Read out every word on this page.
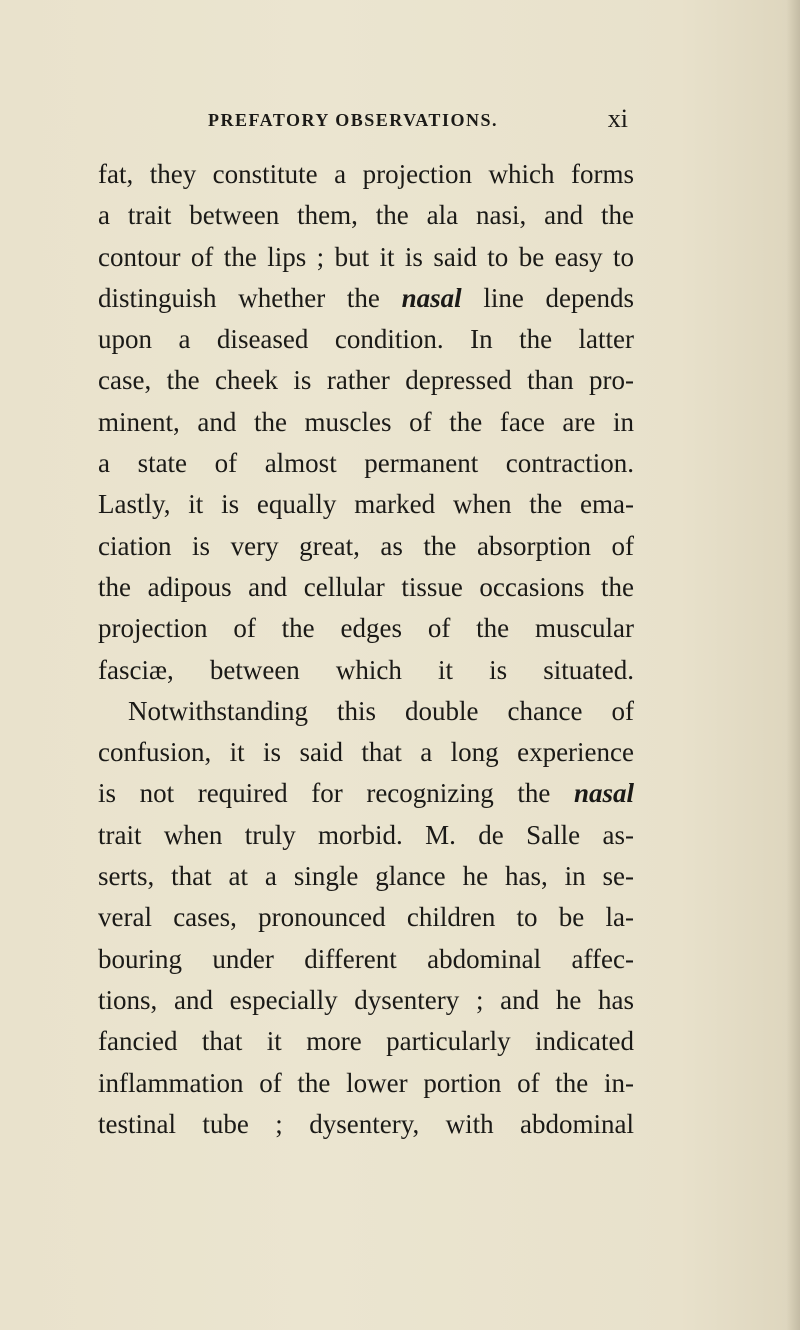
PREFATORY OBSERVATIONS.	xi
fat, they constitute a projection which forms
a trait between them, the ala nasi, and the
contour of the lips ; but it is said to be easy to
distinguish whether the nasal line depends
upon a diseased condition. In the latter
case, the cheek is rather depressed than pro-
minent, and the muscles of the face are in
a state of almost permanent contraction.
Lastly, it is equally marked when the ema-
ciation is very great, as the absorption of
the adipous and cellular tissue occasions the
projection of the edges of the muscular
fasciæ, between which it is situated.
Notwithstanding this double chance of
confusion, it is said that a long experience
is not required for recognizing the nasal
trait when truly morbid. M. de Salle as-
serts, that at a single glance he has, in se-
veral cases, pronounced children to be la-
bouring under different abdominal affec-
tions, and especially dysentery ; and he has
fancied that it more particularly indicated
inflammation of the lower portion of the in-
testinal tube ; dysentery, with abdominal
